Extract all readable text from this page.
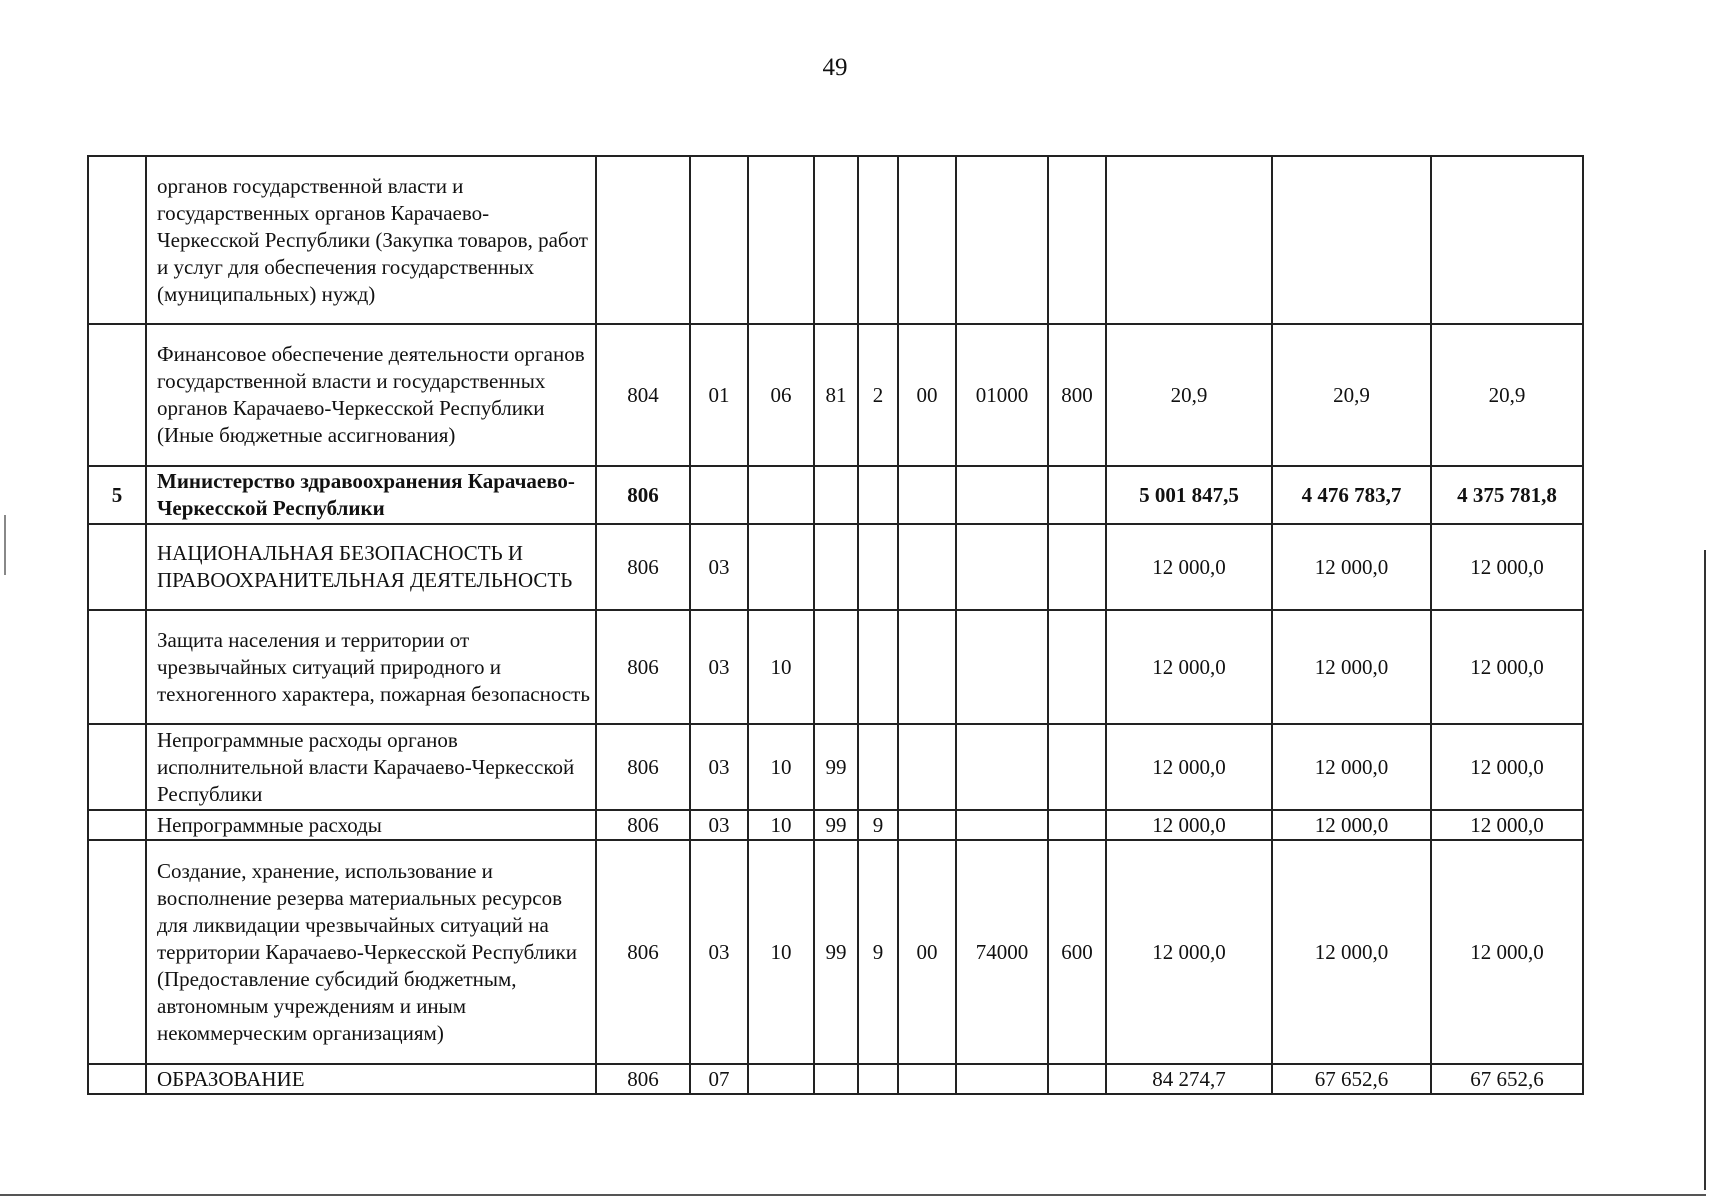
49
	органов государственной власти и государственных органов Карачаево-Черкесской Республики (Закупка товаров, работ и услуг для обеспечения государственных (муниципальных) нужд)											
	Финансовое обеспечение деятельности органов государственной власти и государственных органов Карачаево-Черкесской Республики (Иные бюджетные ассигнования)	804	01	06	81	2	00	01000	800	20,9	20,9	20,9
5	Министерство здравоохранения Карачаево-Черкесской Республики	806								5 001 847,5	4 476 783,7	4 375 781,8
	НАЦИОНАЛЬНАЯ БЕЗОПАСНОСТЬ И ПРАВООХРАНИТЕЛЬНАЯ ДЕЯТЕЛЬНОСТЬ	806	03							12 000,0	12 000,0	12 000,0
	Защита населения и территории от чрезвычайных ситуаций природного и техногенного характера, пожарная безопасность	806	03	10						12 000,0	12 000,0	12 000,0
	Непрограммные расходы органов исполнительной власти Карачаево-Черкесской Республики	806	03	10	99					12 000,0	12 000,0	12 000,0
	Непрограммные расходы	806	03	10	99	9				12 000,0	12 000,0	12 000,0
	Создание, хранение, использование и восполнение резерва материальных ресурсов для ликвидации чрезвычайных ситуаций на территории Карачаево-Черкесской Республики (Предоставление субсидий бюджетным, автономным учреждениям и иным некоммерческим организациям)	806	03	10	99	9	00	74000	600	12 000,0	12 000,0	12 000,0
	ОБРАЗОВАНИЕ	806	07							84 274,7	67 652,6	67 652,6
